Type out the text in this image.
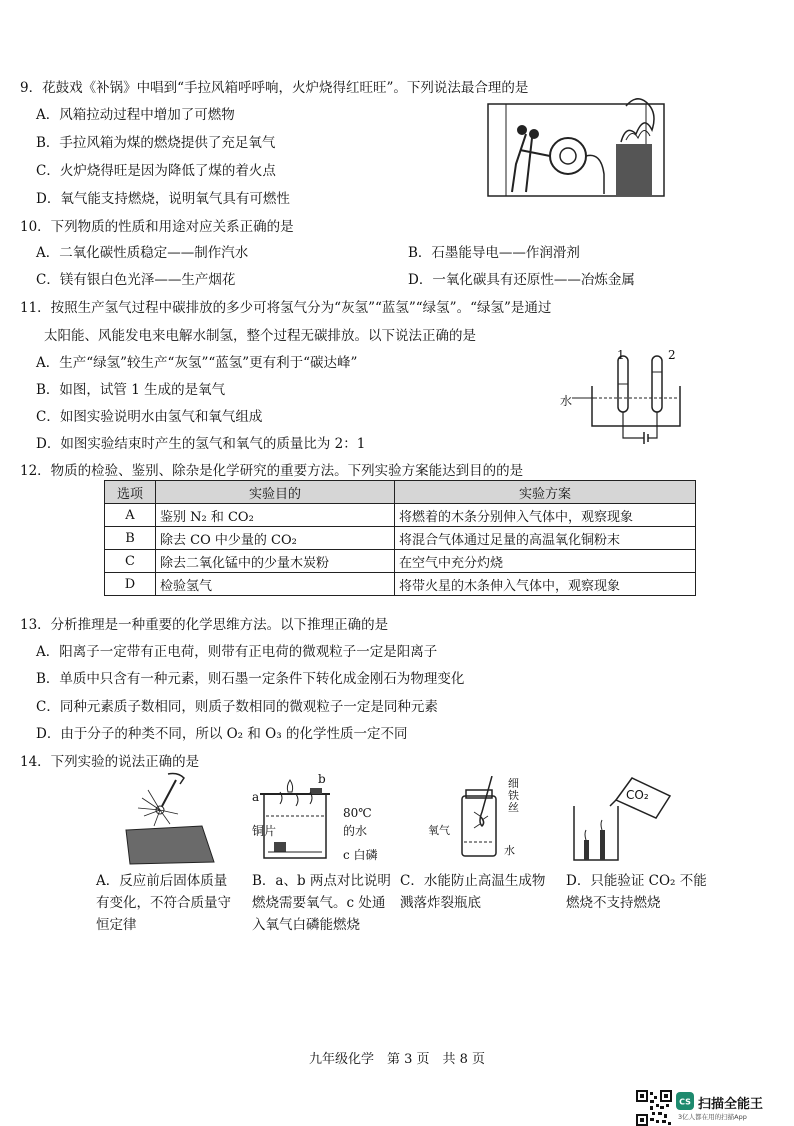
9．花鼓戏《补锅》中唱到“手拉风箱呼呼响，火炉烧得红旺旺”。下列说法最合理的是
A．风箱拉动过程中增加了可燃物
B．手拉风箱为煤的燃烧提供了充足氧气
C．火炉烧得旺是因为降低了煤的着火点
D．氧气能支持燃烧，说明氧气具有可燃性
10．下列物质的性质和用途对应关系正确的是
A．二氧化碳性质稳定——制作汽水	B．石墨能导电——作润滑剂
C．镁有银白色光泽——生产烟花	D．一氧化碳具有还原性——冶炼金属
11．按照生产氢气过程中碳排放的多少可将氢气分为“灰氢”“蓝氢”“绿氢”。“绿氢”是通过
太阳能、风能发电来电解水制氢，整个过程无碳排放。以下说法正确的是
A．生产“绿氢”较生产“灰氢”“蓝氢”更有利于“碳达峰”
B．如图，试管 1 生成的是氧气
C．如图实验说明水由氢气和氧气组成
D．如图实验结束时产生的氢气和氧气的质量比为 2：1
1	2
水
12．物质的检验、鉴别、除杂是化学研究的重要方法。下列实验方案能达到目的的是
选项	实验目的	实验方案
A	鉴别 N₂ 和 CO₂	将燃着的木条分别伸入气体中，观察现象
B	除去 CO 中少量的 CO₂	将混合气体通过足量的高温氧化铜粉末
C	除去二氧化锰中的少量木炭粉	在空气中充分灼烧
D	检验氢气	将带火星的木条伸入气体中，观察现象
13．分析推理是一种重要的化学思维方法。以下推理正确的是
A．阳离子一定带有正电荷，则带有正电荷的微观粒子一定是阳离子
B．单质中只含有一种元素，则石墨一定条件下转化成金刚石为物理变化
C．同种元素质子数相同，则质子数相同的微观粒子一定是同种元素
D．由于分子的种类不同，所以 O₂ 和 O₃ 的化学性质一定不同
14．下列实验的说法正确的是
a
b
铜片
80℃
的水
c 白磷
细铁丝
氧气
水
CO₂
A．反应前后固体质量有变化，不符合质量守恒定律
B．a、b 两点对比说明燃烧需要氧气。c 处通入氧气白磷能燃烧
C．水能防止高温生成物溅落炸裂瓶底
D．只能验证 CO₂ 不能燃烧不支持燃烧
九年级化学　第 3 页　共 8 页
CS 扫描全能王
3亿人都在用的扫描App
